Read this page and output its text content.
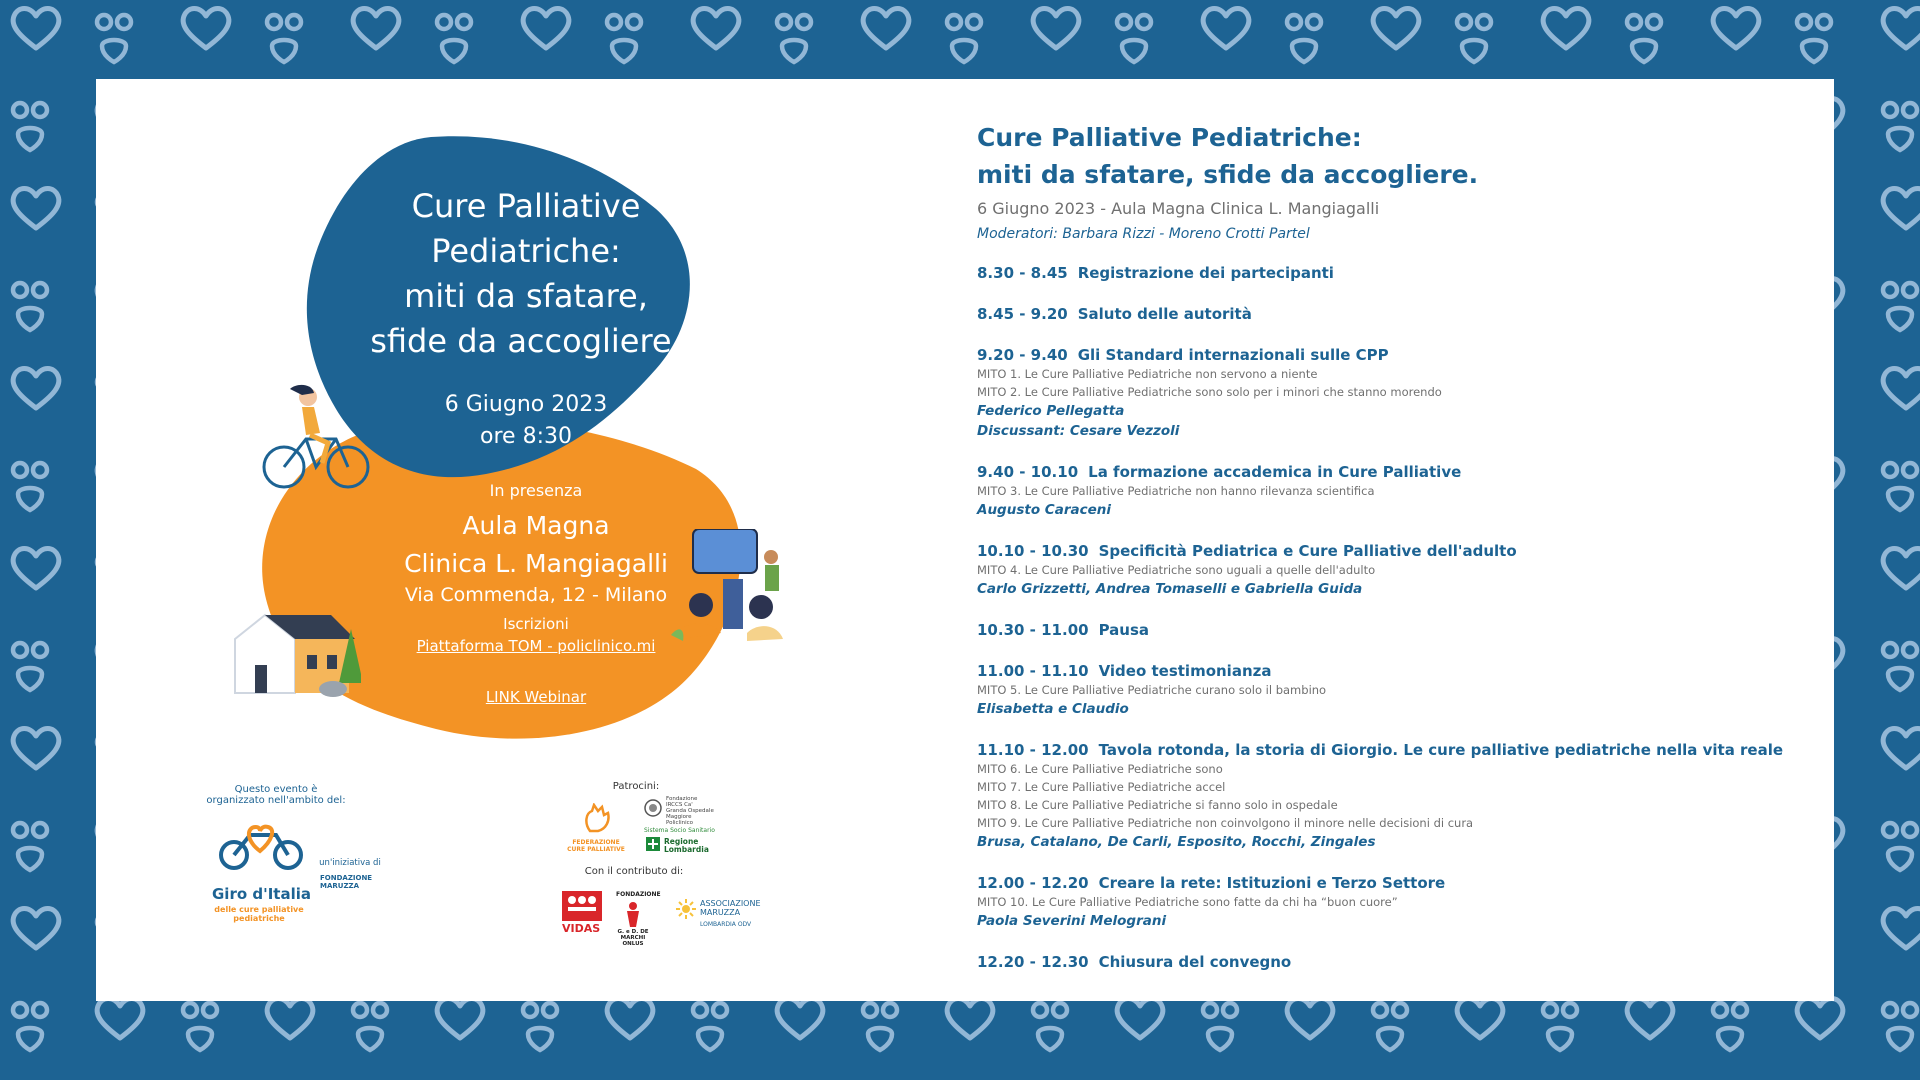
Cure Palliative
Pediatriche:
miti da sfatare,
sfide da accogliere.
6 Giugno 2023
ore 8:30
In presenza
Aula Magna
Clinica L. Mangiagalli
Via Commenda, 12 - Milano
Iscrizioni
Piattaforma TOM - policlinico.mi
LINK Webinar
Questo evento è organizzato nell'ambito del:
Giro d'Italia
delle cure palliative pediatriche
un'iniziativa di
FONDAZIONE MARUZZA
Patrocini:
FEDERAZIONE CURE PALLIATIVE
Fondazione IRCCS Ca' Granda Ospedale Maggiore Policlinico
Sistema Socio Sanitario
Regione Lombardia
Con il contributo di:
VIDAS
FONDAZIONE
G. e D. DE MARCHI ONLUS
ASSOCIAZIONE MARUZZA
LOMBARDIA ODV
Cure Palliative Pediatriche:
miti da sfatare, sfide da accogliere.
6 Giugno 2023 - Aula Magna Clinica L. Mangiagalli
Moderatori: Barbara Rizzi - Moreno Crotti Partel
8.30 - 8.45 Registrazione dei partecipanti
8.45 - 9.20 Saluto delle autorità
9.20 - 9.40 Gli Standard internazionali sulle CPP
MITO 1. Le Cure Palliative Pediatriche non servono a niente
MITO 2. Le Cure Palliative Pediatriche sono solo per i minori che stanno morendo
Federico Pellegatta
Discussant: Cesare Vezzoli
9.40 - 10.10 La formazione accademica in Cure Palliative
MITO 3. Le Cure Palliative Pediatriche non hanno rilevanza scientifica
Augusto Caraceni
10.10 - 10.30 Specificità Pediatrica e Cure Palliative dell'adulto
MITO 4. Le Cure Palliative Pediatriche sono uguali a quelle dell'adulto
Carlo Grizzetti, Andrea Tomaselli e Gabriella Guida
10.30 - 11.00 Pausa
11.00 - 11.10 Video testimonianza
MITO 5. Le Cure Palliative Pediatriche curano solo il bambino
Elisabetta e Claudio
11.10 - 12.00 Tavola rotonda, la storia di Giorgio. Le cure palliative pediatriche nella vita reale
MITO 6. Le Cure Palliative Pediatriche sono
MITO 7. Le Cure Palliative Pediatriche accel
MITO 8. Le Cure Palliative Pediatriche si fanno solo in ospedale
MITO 9. Le Cure Palliative Pediatriche non coinvolgono il minore nelle decisioni di cura
Brusa, Catalano, De Carli, Esposito, Rocchi, Zingales
12.00 - 12.20 Creare la rete: Istituzioni e Terzo Settore
MITO 10. Le Cure Palliative Pediatriche sono fatte da chi ha “buon cuore”
Paola Severini Melograni
12.20 - 12.30 Chiusura del convegno
